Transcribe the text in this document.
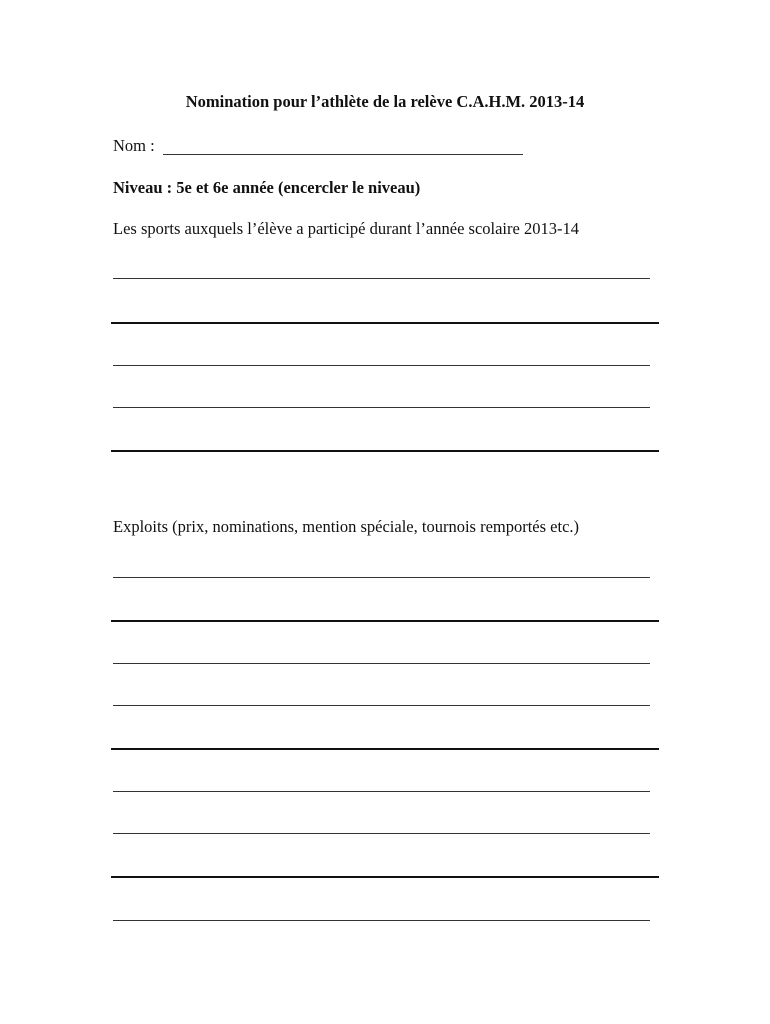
Nomination pour l’athlète de la relève C.A.H.M. 2013-14
Nom :
Niveau : 5e et 6e année (encercler le niveau)
Les sports auxquels l’élève a participé durant l’année scolaire 2013-14
Exploits (prix, nominations, mention spéciale, tournois remportés etc.)
